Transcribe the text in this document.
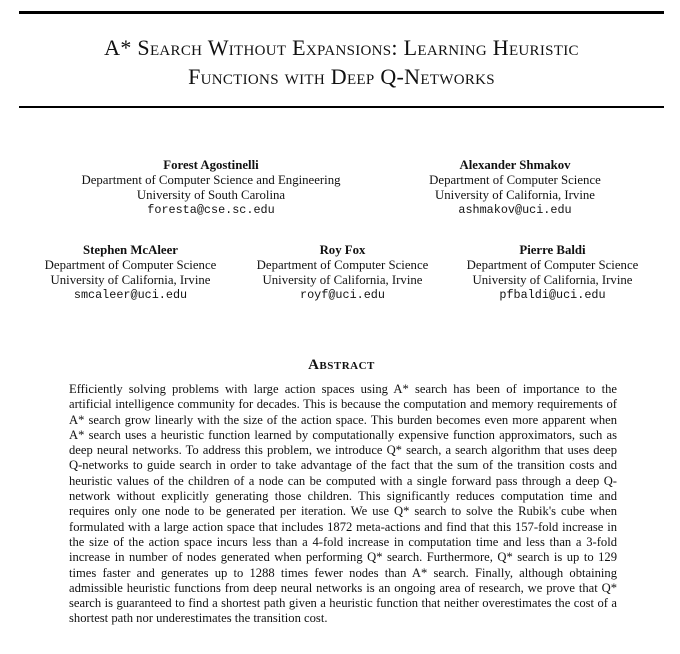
A* Search Without Expansions: Learning Heuristic
Functions with Deep Q-Networks
Forest Agostinelli
Department of Computer Science and Engineering
University of South Carolina
foresta@cse.sc.edu
Alexander Shmakov
Department of Computer Science
University of California, Irvine
ashmakov@uci.edu
Stephen McAleer
Department of Computer Science
University of California, Irvine
smcaleer@uci.edu
Roy Fox
Department of Computer Science
University of California, Irvine
royf@uci.edu
Pierre Baldi
Department of Computer Science
University of California, Irvine
pfbaldi@uci.edu
Abstract
Efficiently solving problems with large action spaces using A* search has been of importance to the artificial intelligence community for decades. This is because the computation and memory requirements of A* search grow linearly with the size of the action space. This burden becomes even more apparent when A* search uses a heuristic function learned by computationally expensive function approximators, such as deep neural networks. To address this problem, we introduce Q* search, a search algorithm that uses deep Q-networks to guide search in order to take advantage of the fact that the sum of the transition costs and heuristic values of the children of a node can be computed with a single forward pass through a deep Q-network without explicitly generating those children. This significantly reduces computation time and requires only one node to be generated per iteration. We use Q* search to solve the Rubik's cube when formulated with a large action space that includes 1872 meta-actions and find that this 157-fold increase in the size of the action space incurs less than a 4-fold increase in computation time and less than a 3-fold increase in number of nodes generated when performing Q* search. Furthermore, Q* search is up to 129 times faster and generates up to 1288 times fewer nodes than A* search. Finally, although obtaining admissible heuristic functions from deep neural networks is an ongoing area of research, we prove that Q* search is guaranteed to find a shortest path given a heuristic function that neither overestimates the cost of a shortest path nor underestimates the transition cost.
